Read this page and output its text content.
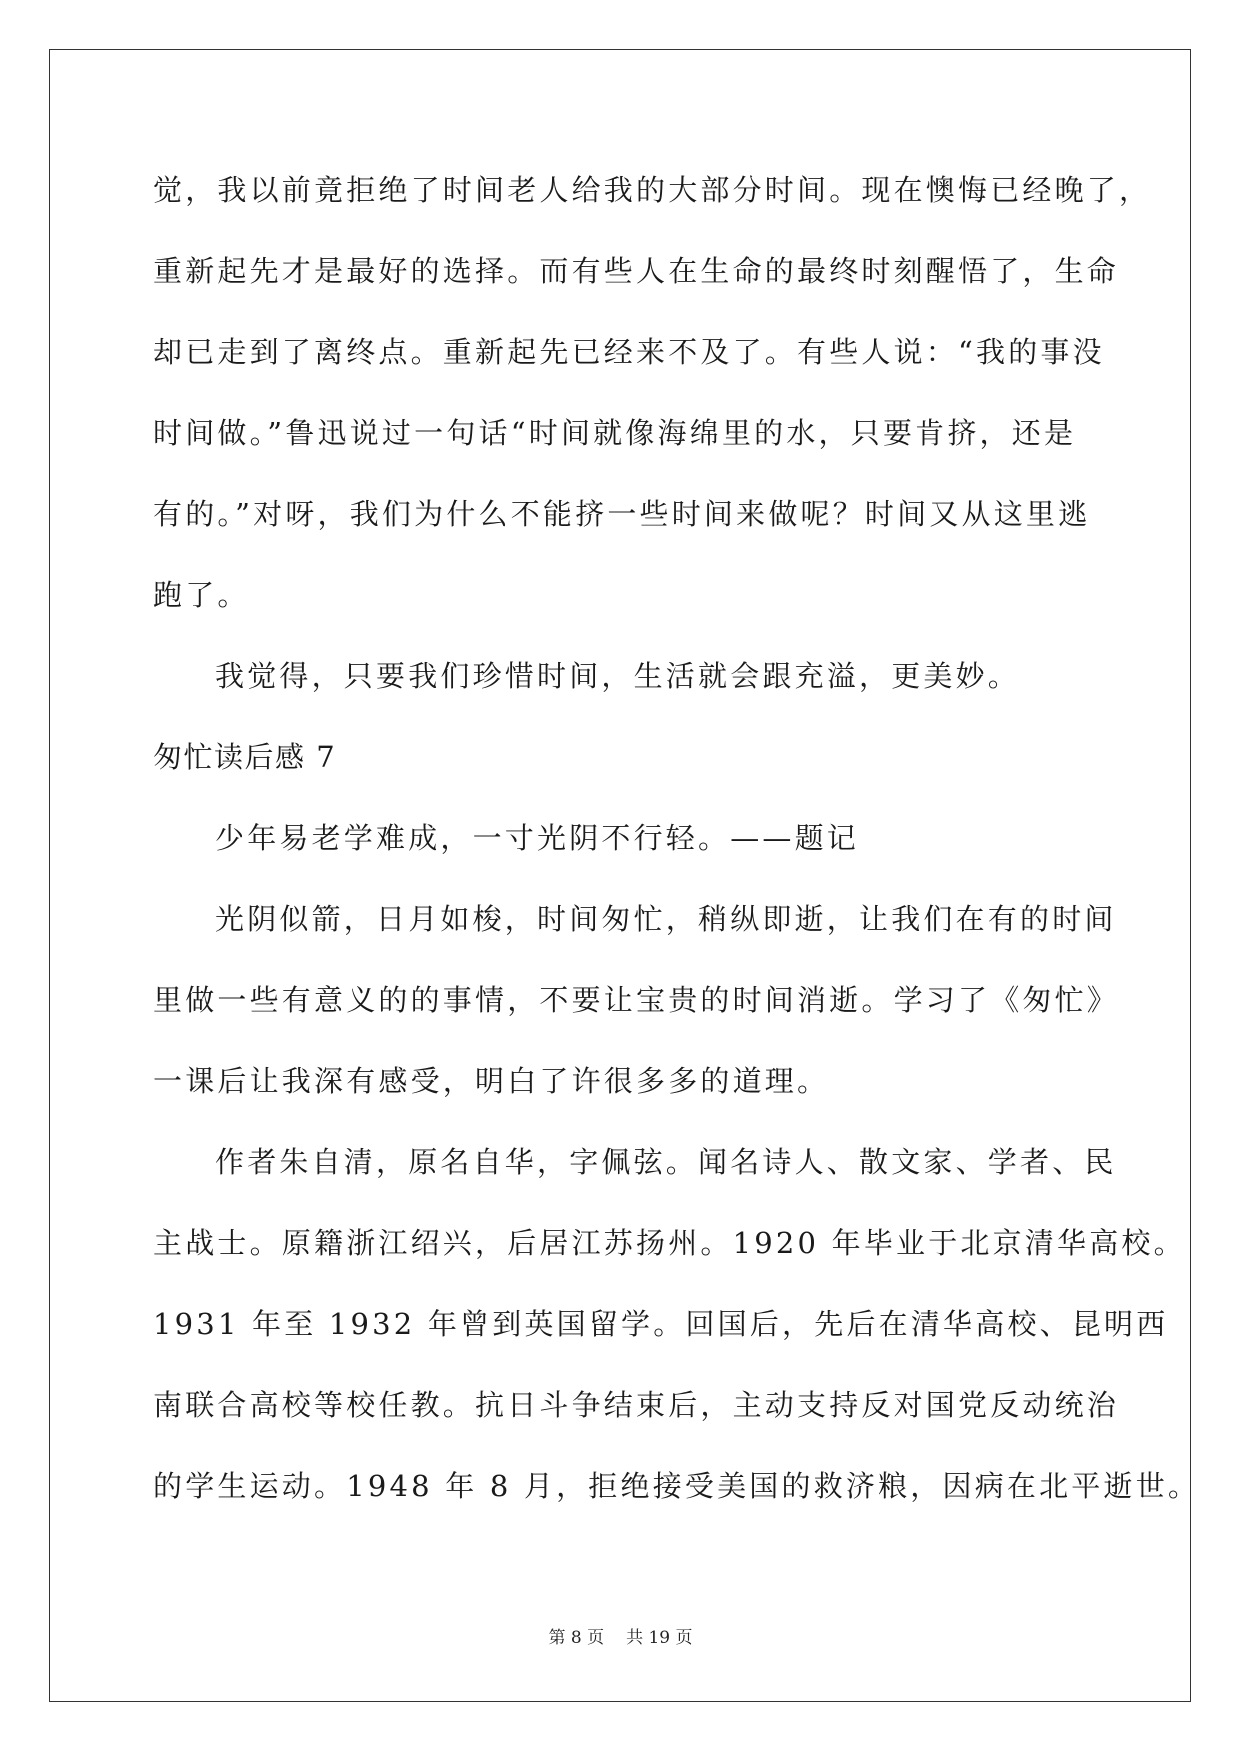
觉，我以前竟拒绝了时间老人给我的大部分时间。现在懊悔已经晚了，
重新起先才是最好的选择。而有些人在生命的最终时刻醒悟了，生命
却已走到了离终点。重新起先已经来不及了。有些人说：“我的事没
时间做。”鲁迅说过一句话“时间就像海绵里的水，只要肯挤，还是
有的。”对呀，我们为什么不能挤一些时间来做呢？时间又从这里逃
跑了。
我觉得，只要我们珍惜时间，生活就会跟充溢，更美妙。
匆忙读后感 7
少年易老学难成，一寸光阴不行轻。——题记
光阴似箭，日月如梭，时间匆忙，稍纵即逝，让我们在有的时间
里做一些有意义的的事情，不要让宝贵的时间消逝。学习了《匆忙》
一课后让我深有感受，明白了许很多多的道理。
作者朱自清，原名自华，字佩弦。闻名诗人、散文家、学者、民
主战士。原籍浙江绍兴，后居江苏扬州。1920 年毕业于北京清华高校。
1931 年至 1932 年曾到英国留学。回国后，先后在清华高校、昆明西
南联合高校等校任教。抗日斗争结束后，主动支持反对国党反动统治
的学生运动。1948 年 8 月，拒绝接受美国的救济粮，因病在北平逝世。
第 8 页 共 19 页
